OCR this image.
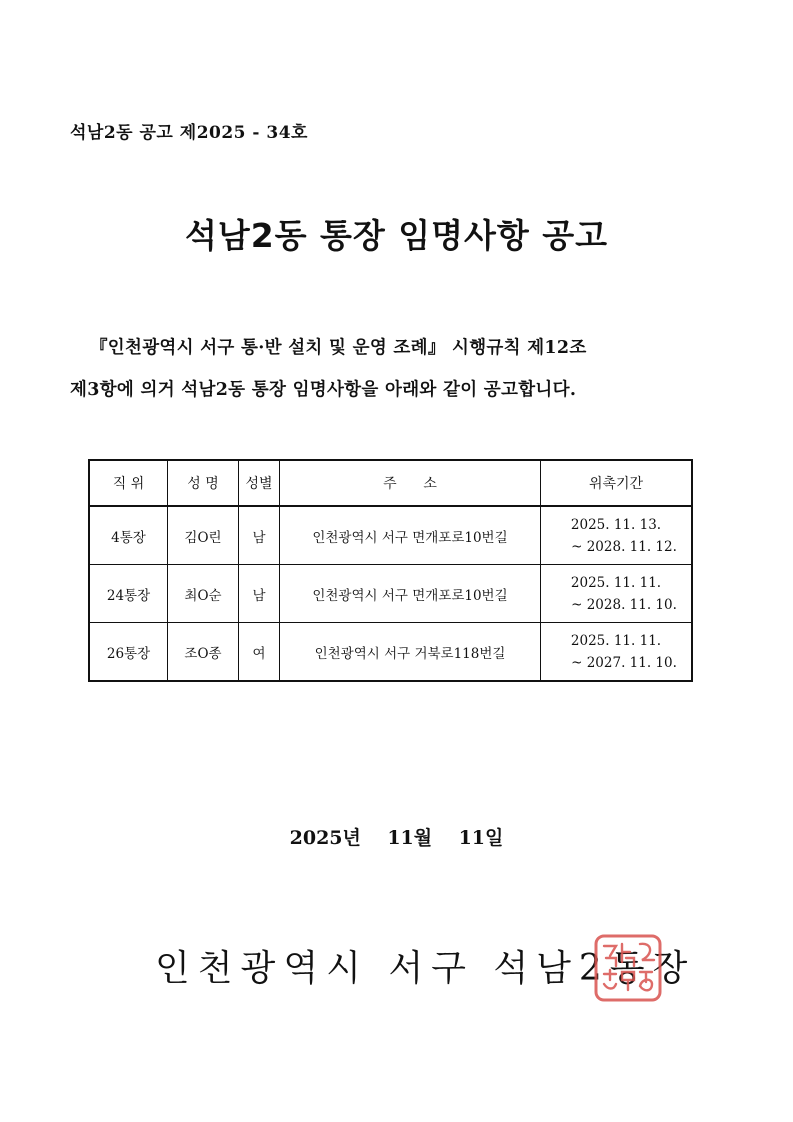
석남2동 공고 제2025 - 34호
석남2동 통장 임명사항 공고
『인천광역시 서구 통·반 설치 및 운영 조례』 시행규칙 제12조
제3항에 의거 석남2동 통장 임명사항을 아래와 같이 공고합니다.
직 위	성 명	성별	주      소	위촉기간
4통장	김O린	남	인천광역시 서구 면개포로10번길	2025. 11. 13.
~ 2028. 11. 12.

24통장	최O순	남	인천광역시 서구 면개포로10번길	2025. 11. 11.
~ 2028. 11. 10.

26통장	조O종	여	인천광역시 서구 거북로118번길	2025. 11. 11.
~ 2027. 11. 10.
2025년    11월    11일
인천광역시 서구 석남2동장
